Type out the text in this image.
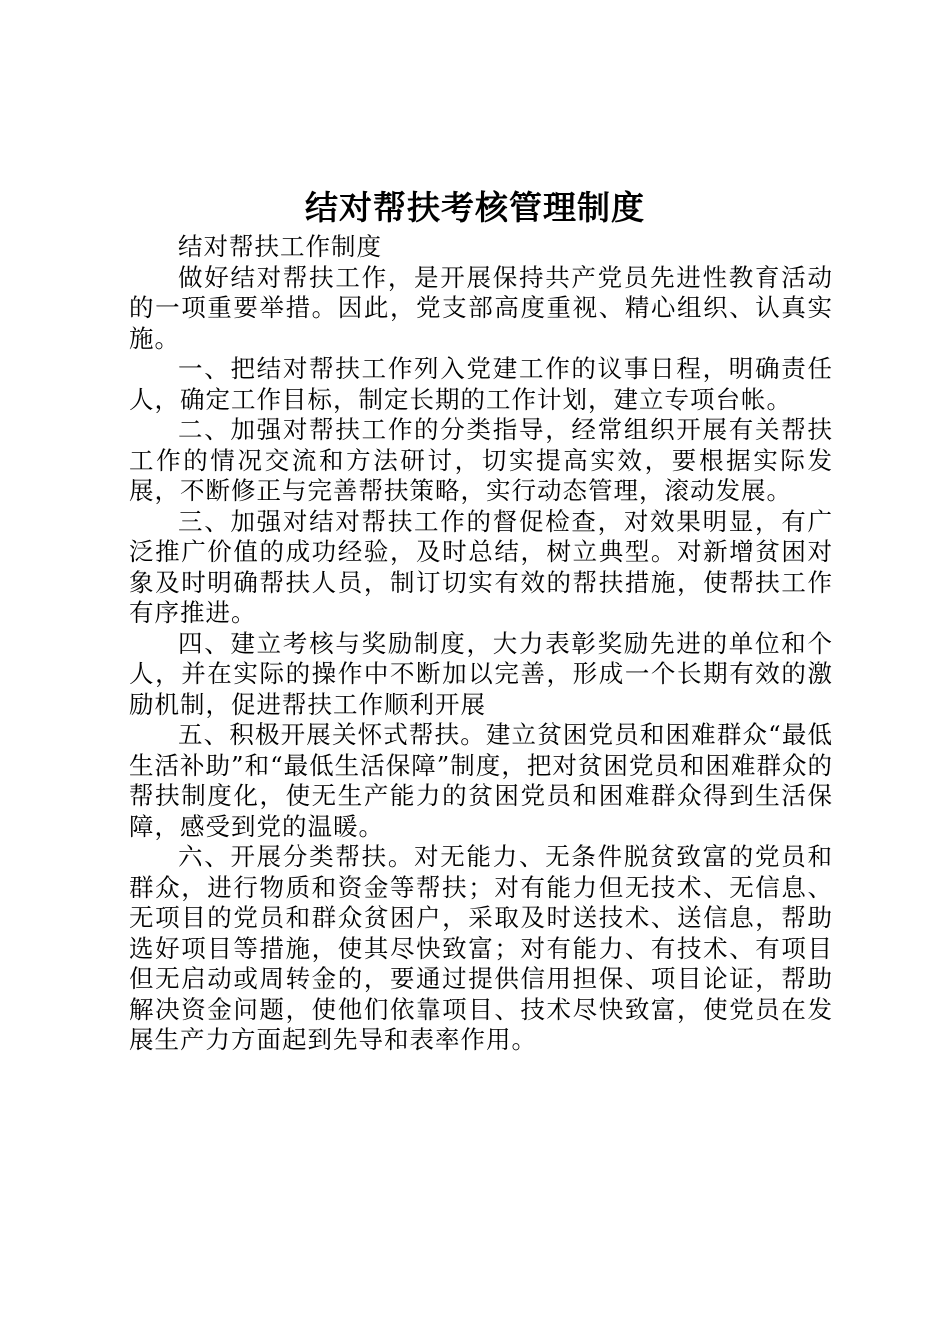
结对帮扶考核管理制度

结对帮扶工作制度

做好结对帮扶工作，是开展保持共产党员先进性教育活动的一项重要举措。因此，党支部高度重视、精心组织、认真实施。

一、把结对帮扶工作列入党建工作的议事日程，明确责任人，确定工作目标，制定长期的工作计划，建立专项台帐。

二、加强对帮扶工作的分类指导，经常组织开展有关帮扶工作的情况交流和方法研讨，切实提高实效，要根据实际发展，不断修正与完善帮扶策略，实行动态管理，滚动发展。

三、加强对结对帮扶工作的督促检查，对效果明显，有广泛推广价值的成功经验，及时总结，树立典型。对新增贫困对象及时明确帮扶人员，制订切实有效的帮扶措施，使帮扶工作有序推进。

四、建立考核与奖励制度，大力表彰奖励先进的单位和个人，并在实际的操作中不断加以完善，形成一个长期有效的激励机制，促进帮扶工作顺利开展

五、积极开展关怀式帮扶。建立贫困党员和困难群众“最低生活补助”和“最低生活保障”制度，把对贫困党员和困难群众的帮扶制度化，使无生产能力的贫困党员和困难群众得到生活保障，感受到党的温暖。

六、开展分类帮扶。对无能力、无条件脱贫致富的党员和群众，进行物质和资金等帮扶；对有能力但无技术、无信息、无项目的党员和群众贫困户，采取及时送技术、送信息，帮助选好项目等措施，使其尽快致富；对有能力、有技术、有项目但无启动或周转金的，要通过提供信用担保、项目论证，帮助解决资金问题，使他们依靠项目、技术尽快致富，使党员在发展生产力方面起到先导和表率作用。
